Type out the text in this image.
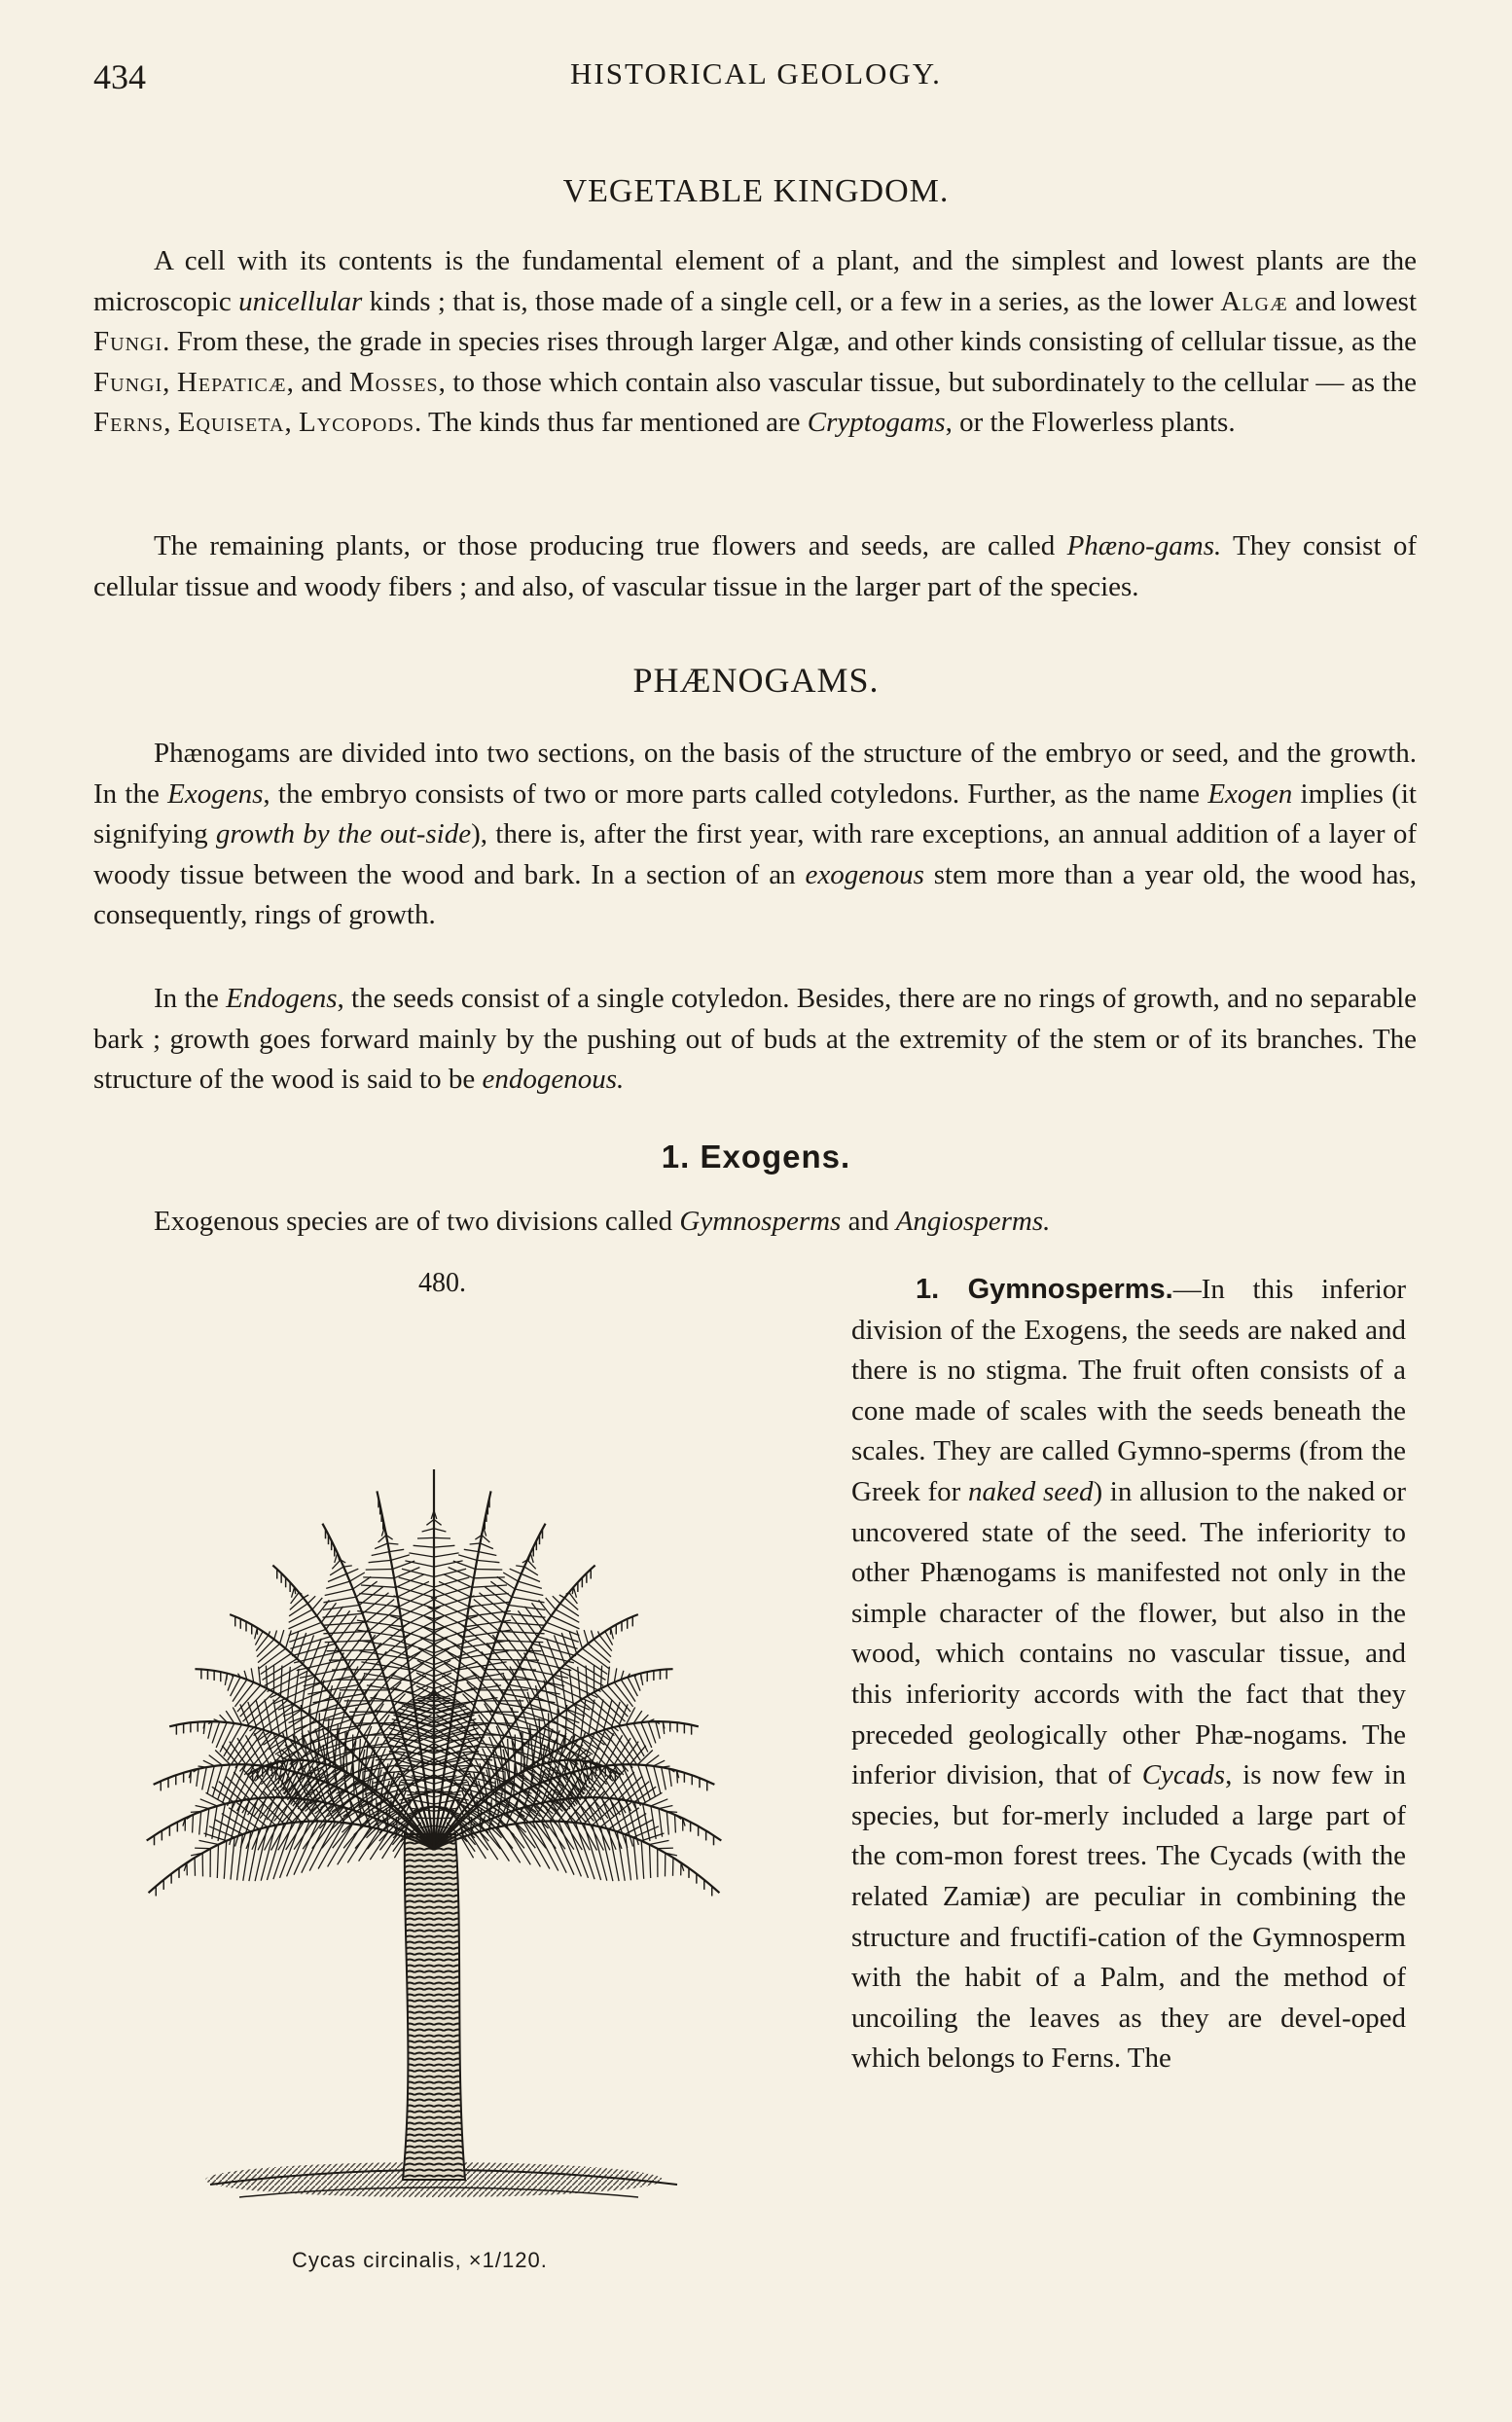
434	HISTORICAL GEOLOGY.
VEGETABLE KINGDOM.

A cell with its contents is the fundamental element of a plant, and the simplest and lowest plants are the microscopic unicellular kinds ; that is, those made of a single cell, or a few in a series, as the lower Algæ and lowest Fungi. From these, the grade in species rises through larger Algæ, and other kinds consisting of cellular tissue, as the Fungi, Hepaticæ, and Mosses, to those which contain also vascular tissue, but subordinately to the cellular — as the Ferns, Equiseta, Lycopods. The kinds thus far mentioned are Cryptogams, or the Flowerless plants.

The remaining plants, or those producing true flowers and seeds, are called Phæno-gams. They consist of cellular tissue and woody fibers ; and also, of vascular tissue in the larger part of the species.

PHÆNOGAMS.

Phænogams are divided into two sections, on the basis of the structure of the embryo or seed, and the growth. In the Exogens, the embryo consists of two or more parts called cotyledons. Further, as the name Exogen implies (it signifying growth by the out-side), there is, after the first year, with rare exceptions, an annual addition of a layer of woody tissue between the wood and bark. In a section of an exogenous stem more than a year old, the wood has, consequently, rings of growth.

In the Endogens, the seeds consist of a single cotyledon. Besides, there are no rings of growth, and no separable bark ; growth goes forward mainly by the pushing out of buds at the extremity of the stem or of its branches. The structure of the wood is said to be endogenous.

1. Exogens.

Exogenous species are of two divisions called Gymnosperms and Angiosperms.

480.
Cycas circinalis, ×1/120.

1. Gymnosperms.—In this inferior division of the Exogens, the seeds are naked and there is no stigma. The fruit often consists of a cone made of scales with the seeds beneath the scales. They are called Gymno-sperms (from the Greek for naked seed) in allusion to the naked or uncovered state of the seed. The inferiority to other Phænogams is manifested not only in the simple character of the flower, but also in the wood, which contains no vascular tissue, and this inferiority accords with the fact that they preceded geologically other Phæ-nogams. The inferior division, that of Cycads, is now few in species, but for-merly included a large part of the com-mon forest trees. The Cycads (with the related Zamiæ) are peculiar in combining the structure and fructifi-cation of the Gymnosperm with the habit of a Palm, and the method of uncoiling the leaves as they are devel-oped which belongs to Ferns. The
